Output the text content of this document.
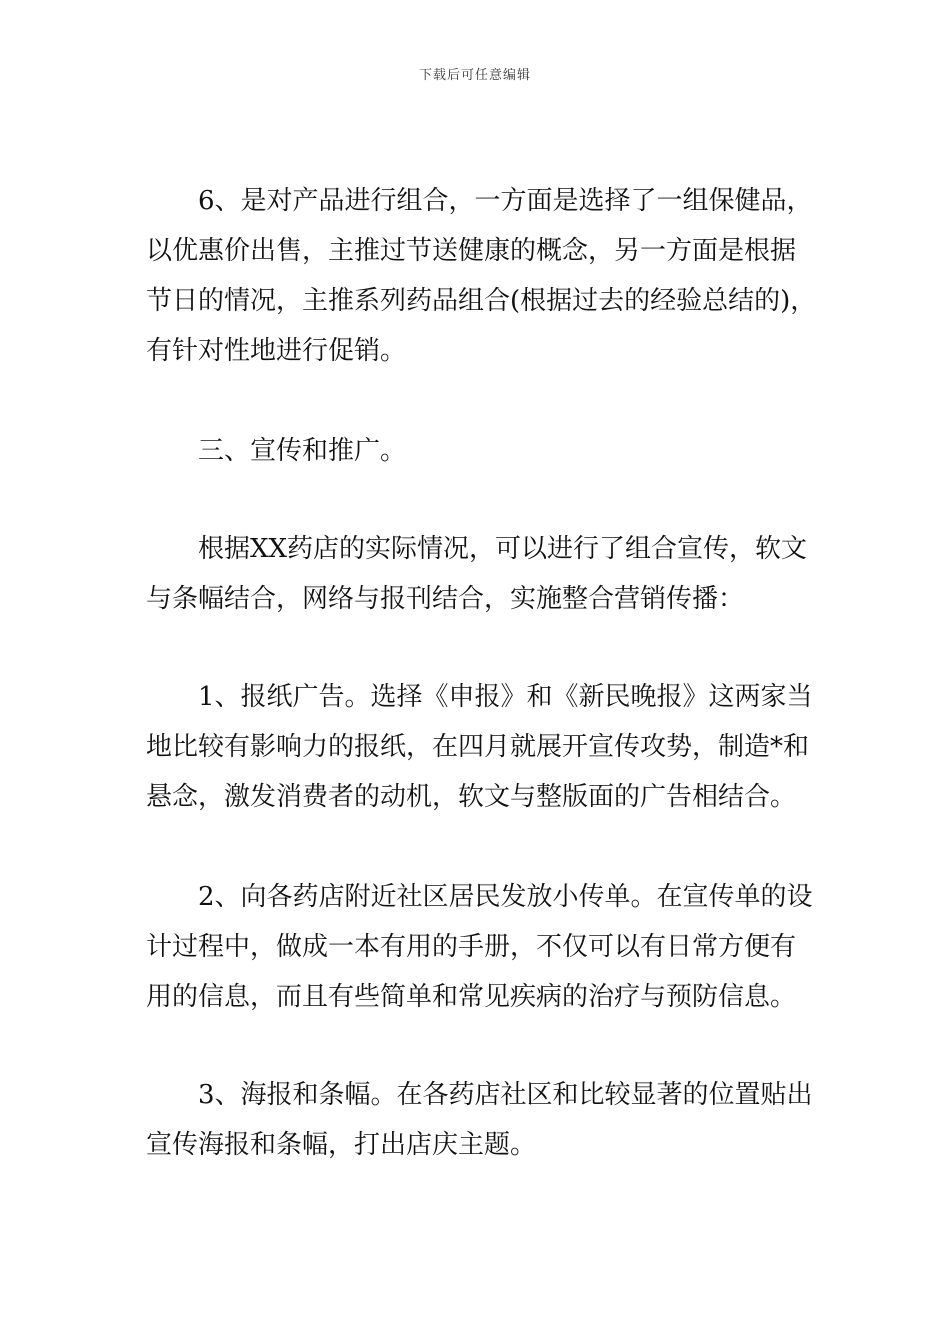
下载后可任意编辑

6、是对产品进行组合，一方面是选择了一组保健品，
以优惠价出售，主推过节送健康的概念，另一方面是根据
节日的情况，主推系列药品组合(根据过去的经验总结的)，
有针对性地进行促销。

三、宣传和推广。

根据XX药店的实际情况，可以进行了组合宣传，软文
与条幅结合，网络与报刊结合，实施整合营销传播：

1、报纸广告。选择《申报》和《新民晚报》这两家当
地比较有影响力的报纸，在四月就展开宣传攻势，制造*和
悬念，激发消费者的动机，软文与整版面的广告相结合。

2、向各药店附近社区居民发放小传单。在宣传单的设
计过程中，做成一本有用的手册，不仅可以有日常方便有
用的信息，而且有些简单和常见疾病的治疗与预防信息。

3、海报和条幅。在各药店社区和比较显著的位置贴出
宣传海报和条幅，打出店庆主题。
